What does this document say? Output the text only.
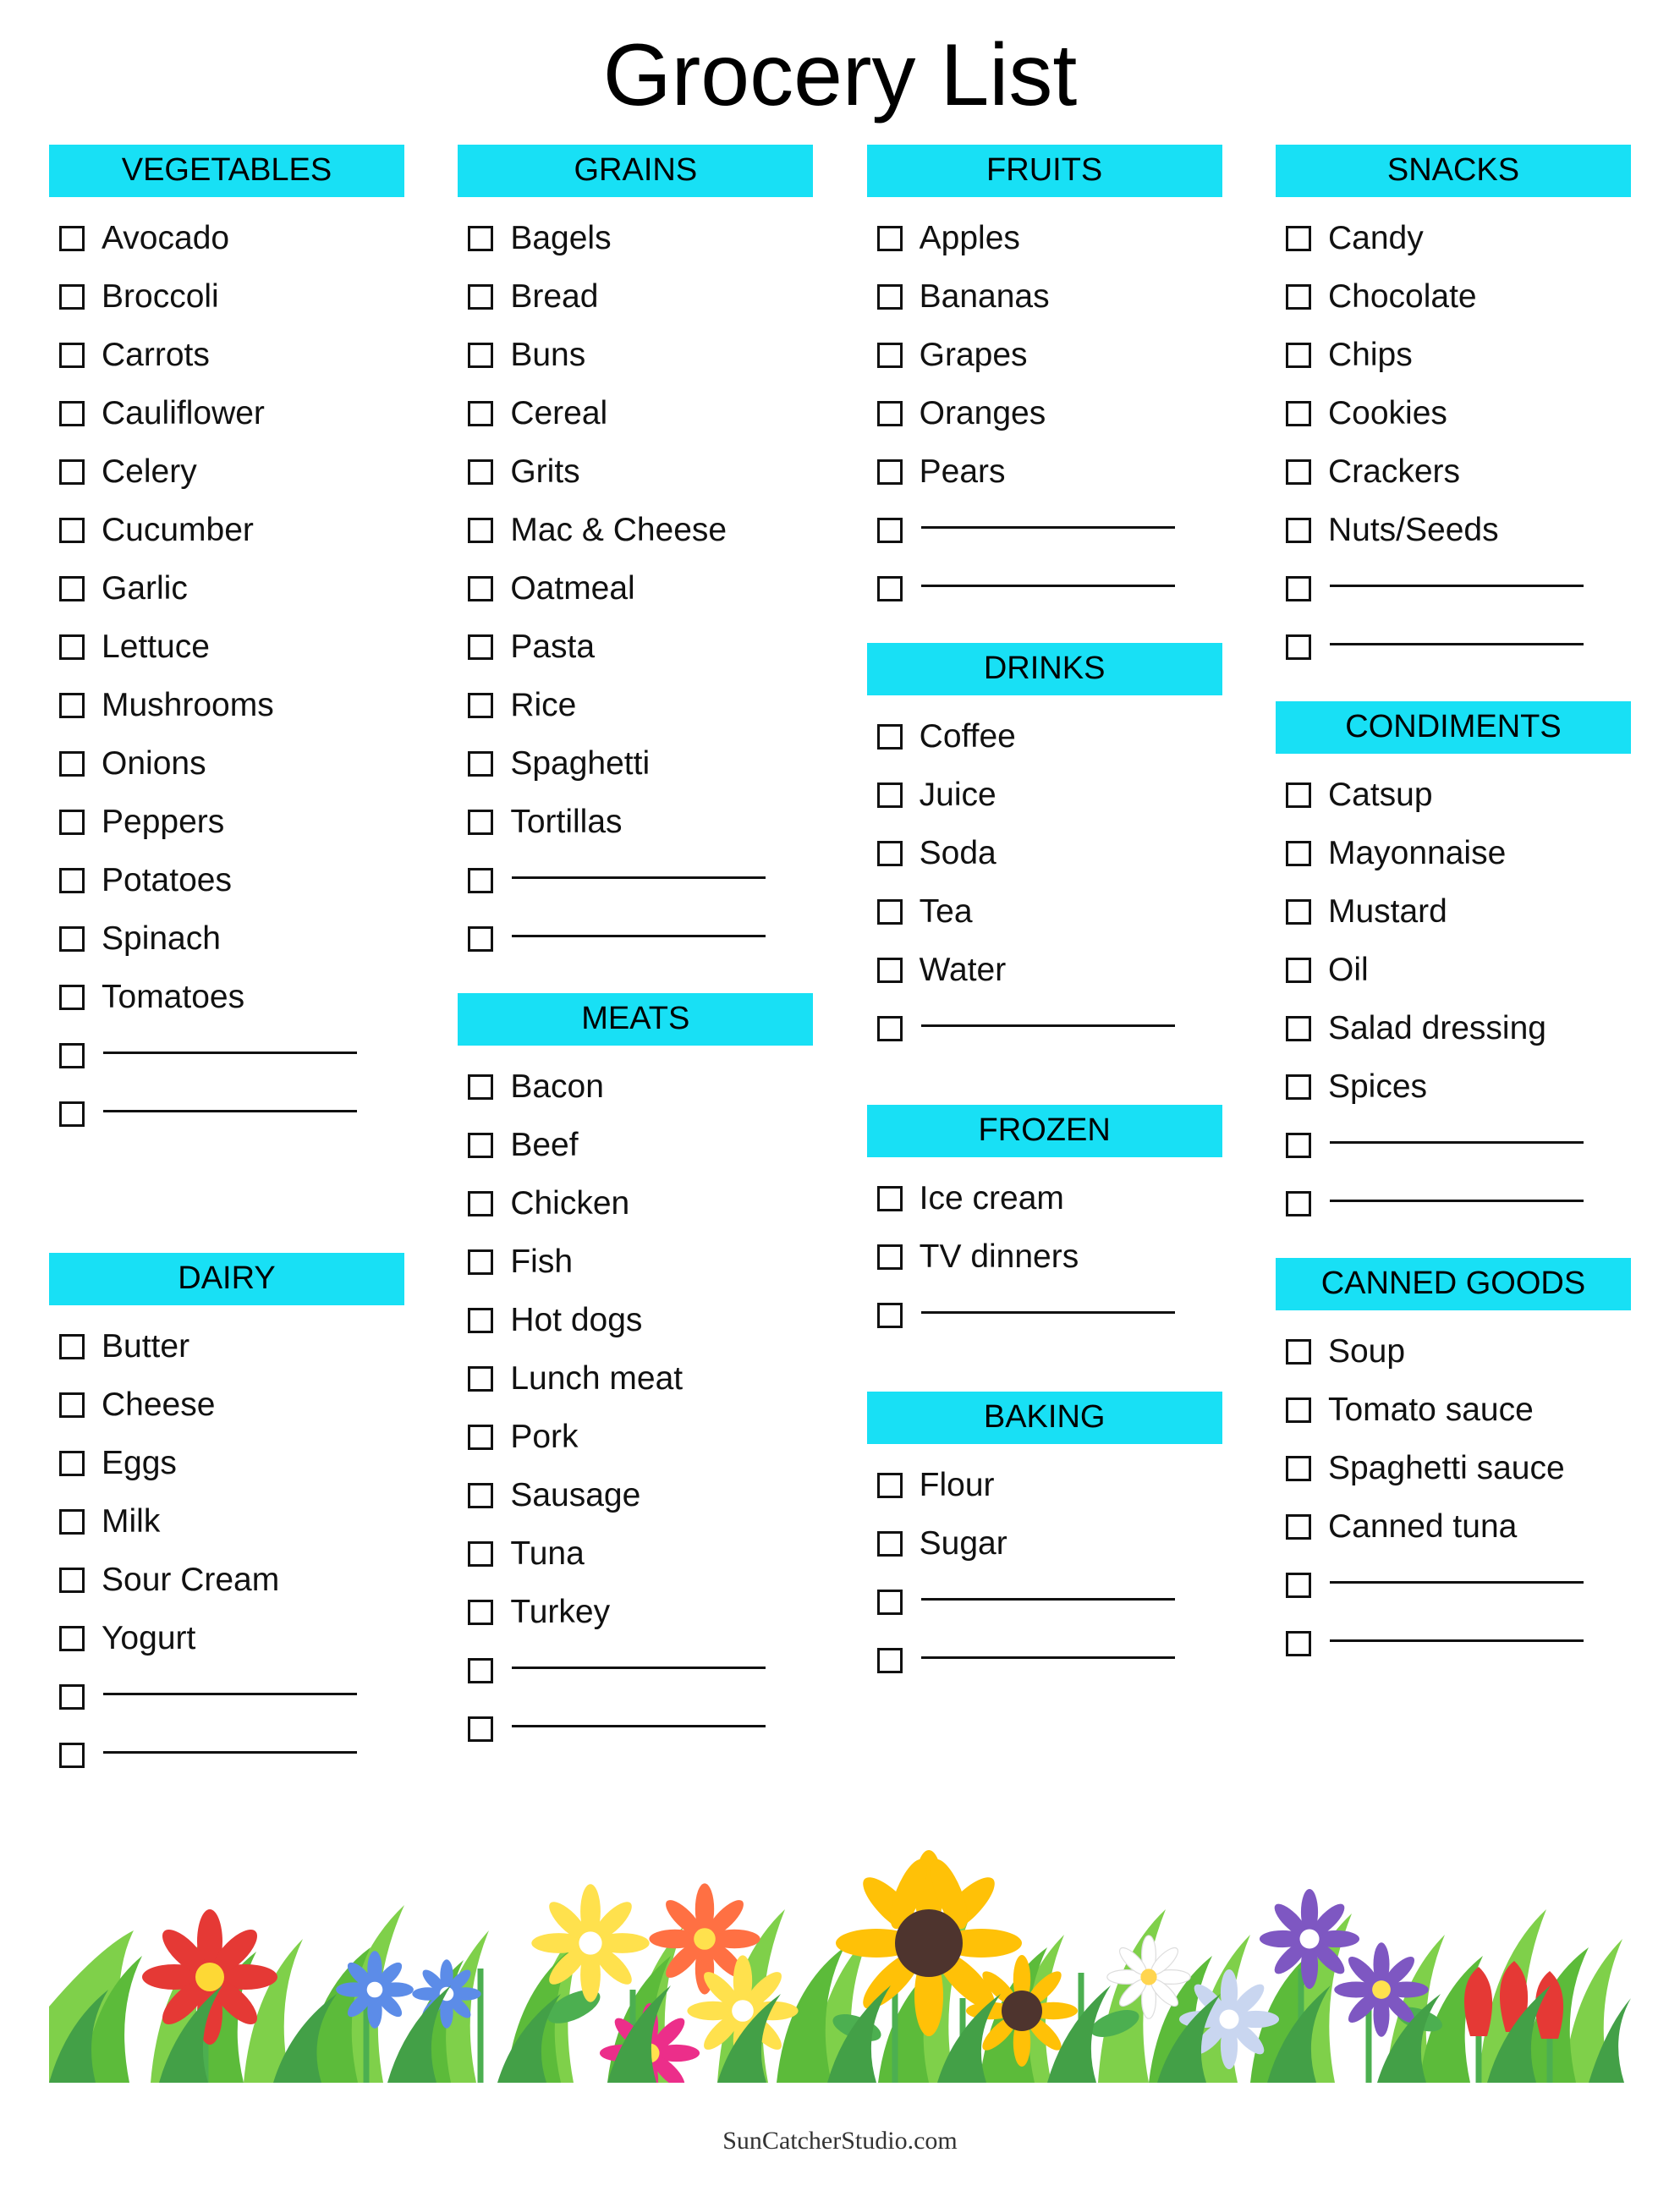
Grocery List
VEGETABLES
Avocado
Broccoli
Carrots
Cauliflower
Celery
Cucumber
Garlic
Lettuce
Mushrooms
Onions
Peppers
Potatoes
Spinach
Tomatoes
DAIRY
Butter
Cheese
Eggs
Milk
Sour Cream
Yogurt
GRAINS
Bagels
Bread
Buns
Cereal
Grits
Mac & Cheese
Oatmeal
Pasta
Rice
Spaghetti
Tortillas
MEATS
Bacon
Beef
Chicken
Fish
Hot dogs
Lunch meat
Pork
Sausage
Tuna
Turkey
FRUITS
Apples
Bananas
Grapes
Oranges
Pears
DRINKS
Coffee
Juice
Soda
Tea
Water
FROZEN
Ice cream
TV dinners
BAKING
Flour
Sugar
SNACKS
Candy
Chocolate
Chips
Cookies
Crackers
Nuts/Seeds
CONDIMENTS
Catsup
Mayonnaise
Mustard
Oil
Salad dressing
Spices
CANNED GOODS
Soup
Tomato sauce
Spaghetti sauce
Canned tuna
SunCatcherStudio.com
